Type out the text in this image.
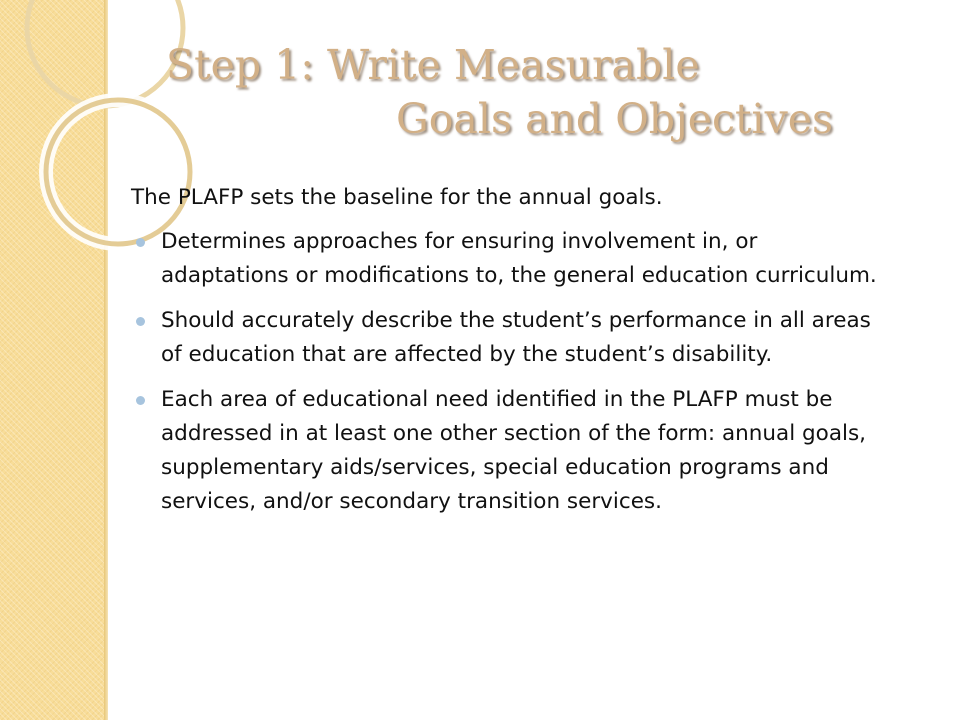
Step 1: Write Measurable
Goals and Objectives

The PLAFP sets the baseline for the annual goals.

Determines approaches for ensuring involvement in, or adaptations or modifications to, the general education curriculum.
Should accurately describe the student’s performance in all areas of education that are affected by the student’s disability.
Each area of educational need identified in the PLAFP must be addressed in at least one other section of the form: annual goals, supplementary aids/services, special education programs and services, and/or secondary transition services.
